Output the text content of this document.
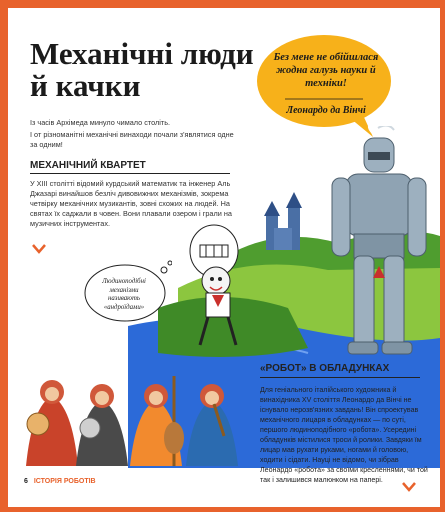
Механічні люди й качки
Без мене не обійшлася жодна галузь науки й техніки!
Леонардо да Вінчі

Із часів Архімеда минуло чимало століть.

І от різноманітні механічні винаходи почали з'являтися одне за одним!

МЕХАНІЧНИЙ КВАРТЕТ
У XIII столітті відомий курдський математик та інженер Аль Джазарі винайшов безліч дивовижних механізмів, зокрема четвірку механічних музикантів, зовні схожих на людей. На святах їх саджали в човен. Вони плавали озером і грали на музичних інструментах.
Людиноподібні механізми називають «андроїдами»
«РОБОТ» В ОБЛАДУНКАХ
Для геніального італійського художника й винахідника XV століття Леонардо да Вінчі не існувало нерозв'язних завдань! Він спроектував механічного лицаря в обладунках — по суті, першого людиноподібного «робота». Усередині обладунків містилися троси й ролики. Завдяки їм лицар мав рухати руками, ногами й головою, ходити і сідати. Науці не відомо, чи зібрав Леонардо «робота» за своїми кресленнями, чи той так і залишився малюнком на папері.
6 ІСТОРІЯ РОБОТІВ
